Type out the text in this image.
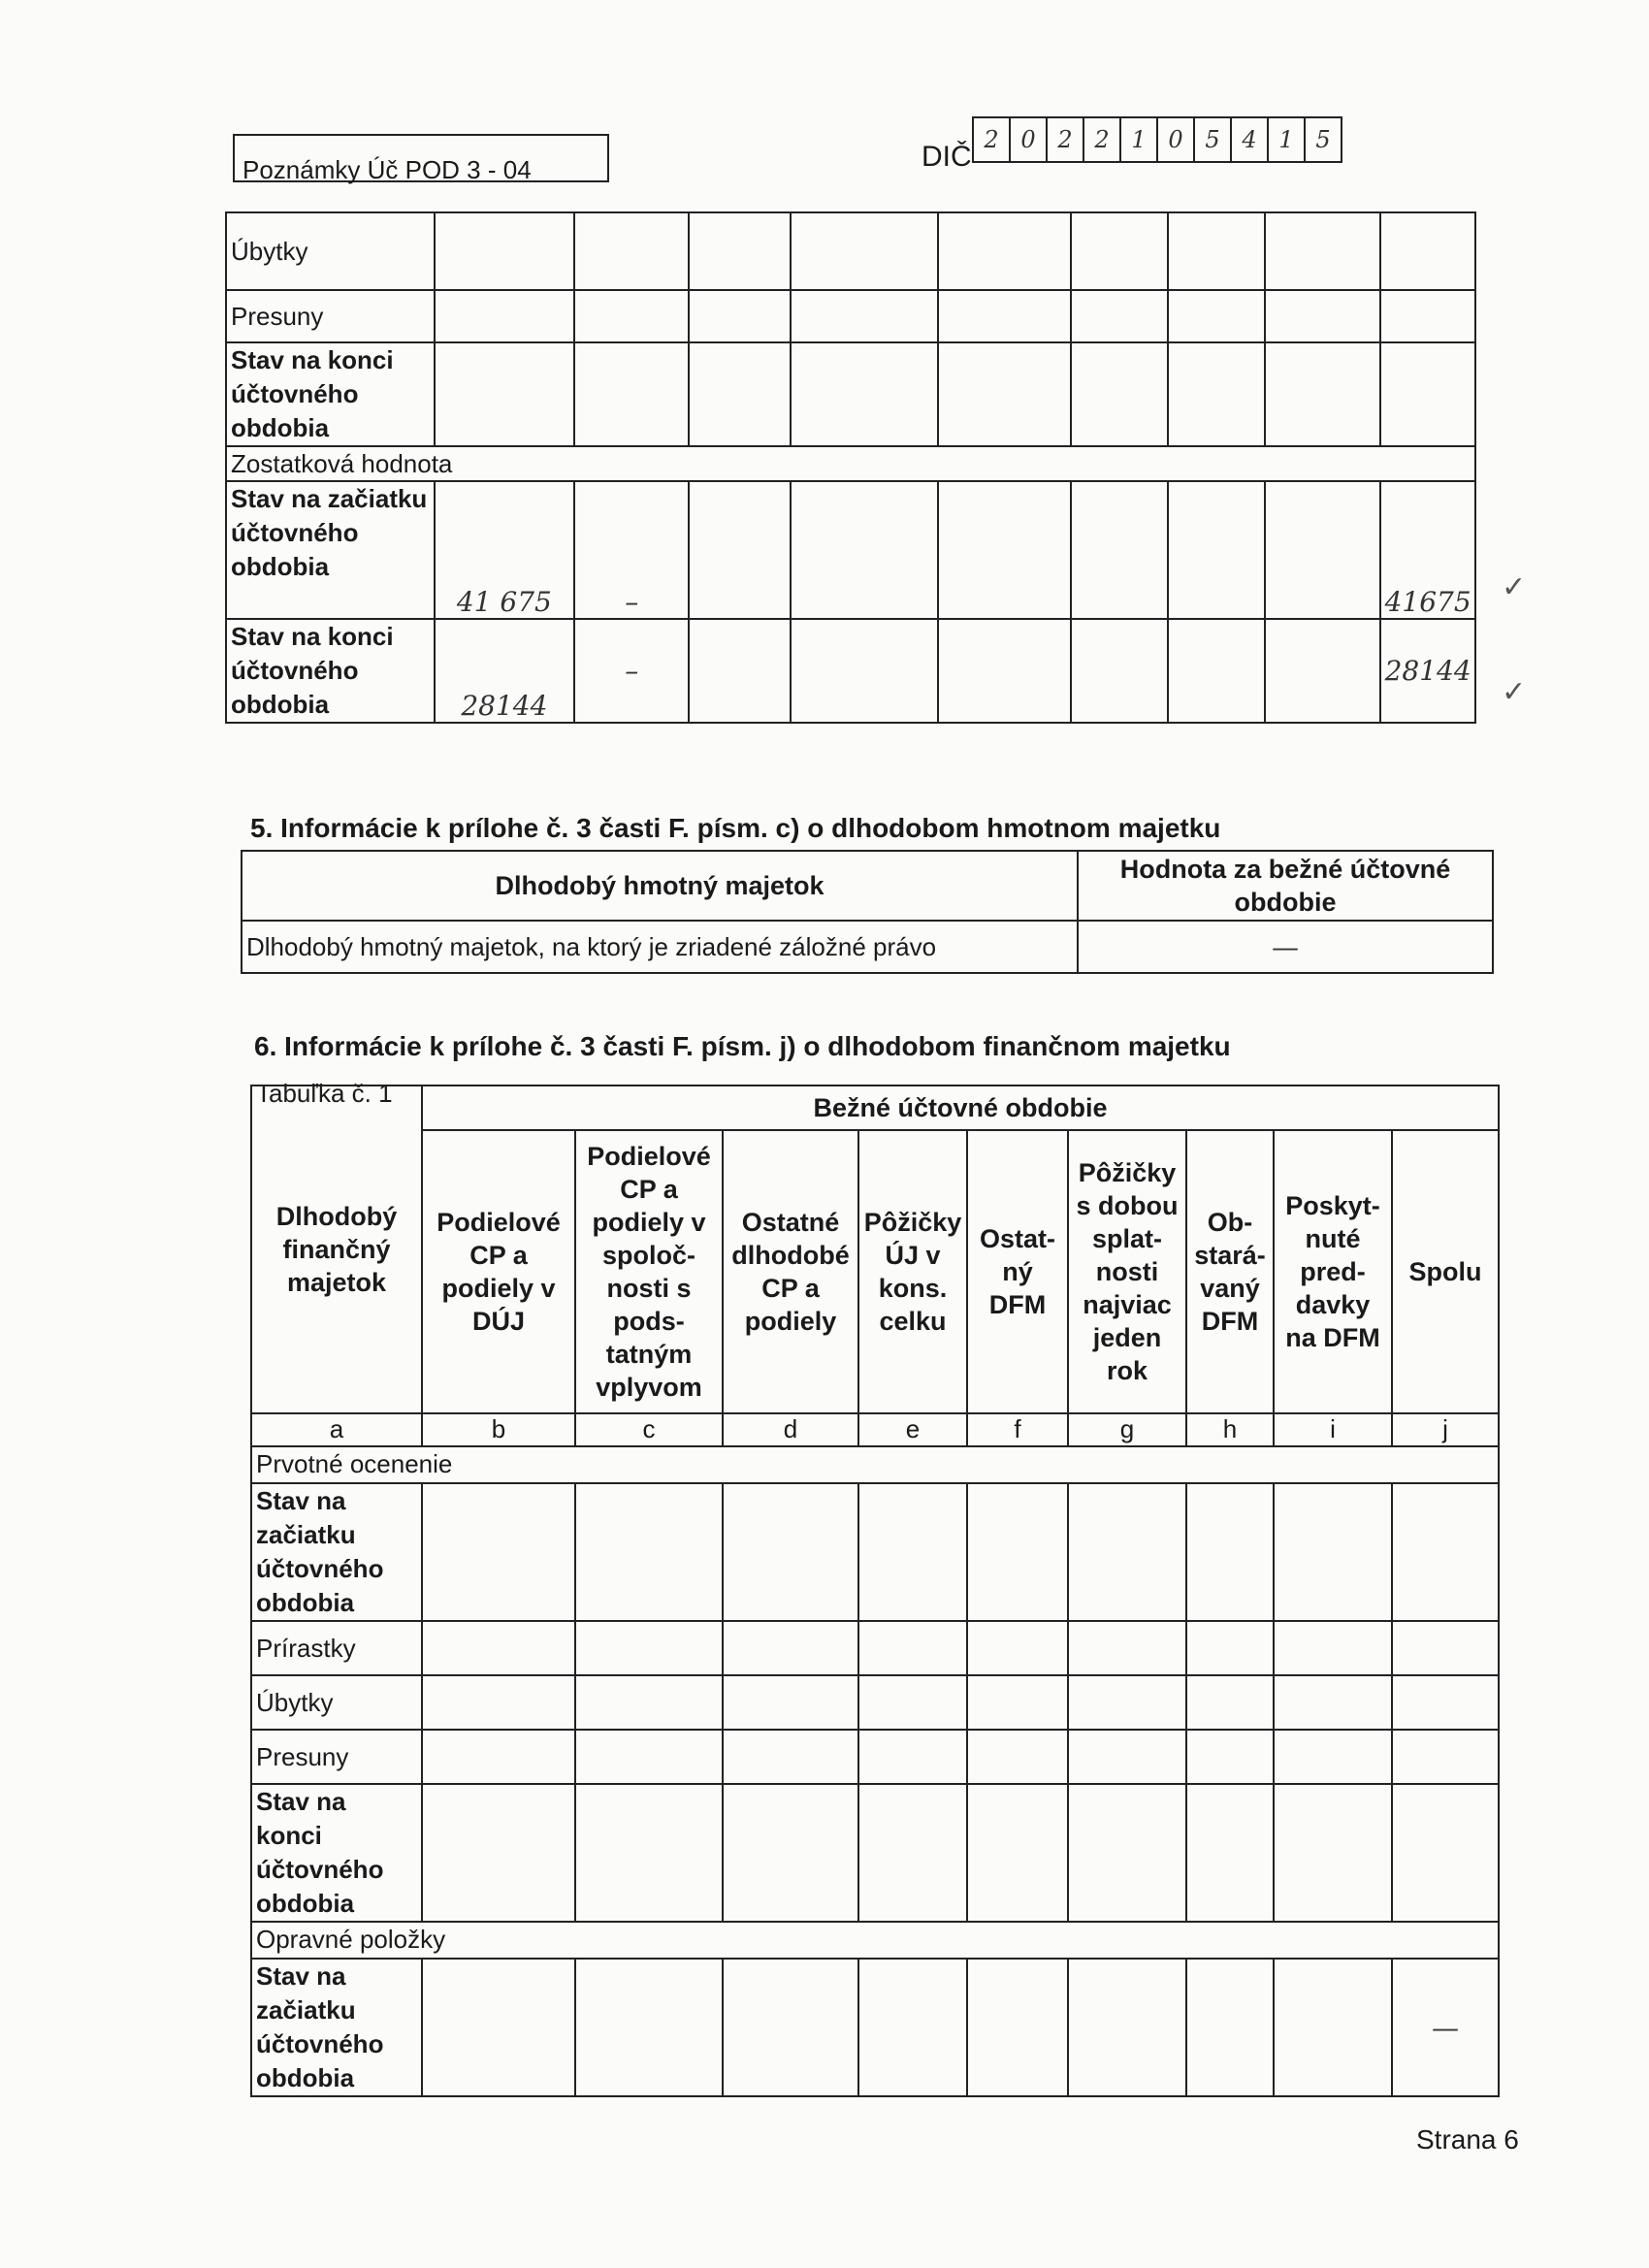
Poznámky Úč POD 3 - 04	DIČ
2 0 2 2 1 0 5 4 1 5
Úbytky									
Presuny									
Stav na konci účtovného obdobia									
Zostatková hodnota									
Stav na začiatku účtovného obdobia	41 675	–							41675
Stav na konci účtovného obdobia	28144	–							28144
✓
✓
5. Informácie k prílohe č. 3 časti F. písm. c) o dlhodobom hmotnom majetku
Dlhodobý hmotný majetok	Hodnota za bežné účtovné obdobie
Dlhodobý hmotný majetok, na ktorý je zriadené záložné právo	—
6. Informácie k prílohe č. 3 časti F. písm. j) o dlhodobom finančnom majetku
Tabuľka č. 1
Dlhodobý finančný majetok	Bežné účtovné obdobie								
	Podielové CP a podiely v DÚJ	Podielové CP a podiely v spoloč- nosti s pods- tatným vplyvom	Ostatné dlhodobé CP a podiely	Pôžičky ÚJ v kons. celku	Ostat- ný DFM	Pôžičky s dobou splat- nosti najviac jeden rok	Ob- stará- vaný DFM	Poskyt- nuté pred- davky na DFM	Spolu
a	b	c	d	e	f	g	h	i	j
Prvotné ocenenie									
Stav na začiatku účtovného obdobia									
Prírastky									
Úbytky									
Presuny									
Stav na konci účtovného obdobia									
Opravné položky									
Stav na začiatku účtovného obdobia									—
Strana 6
